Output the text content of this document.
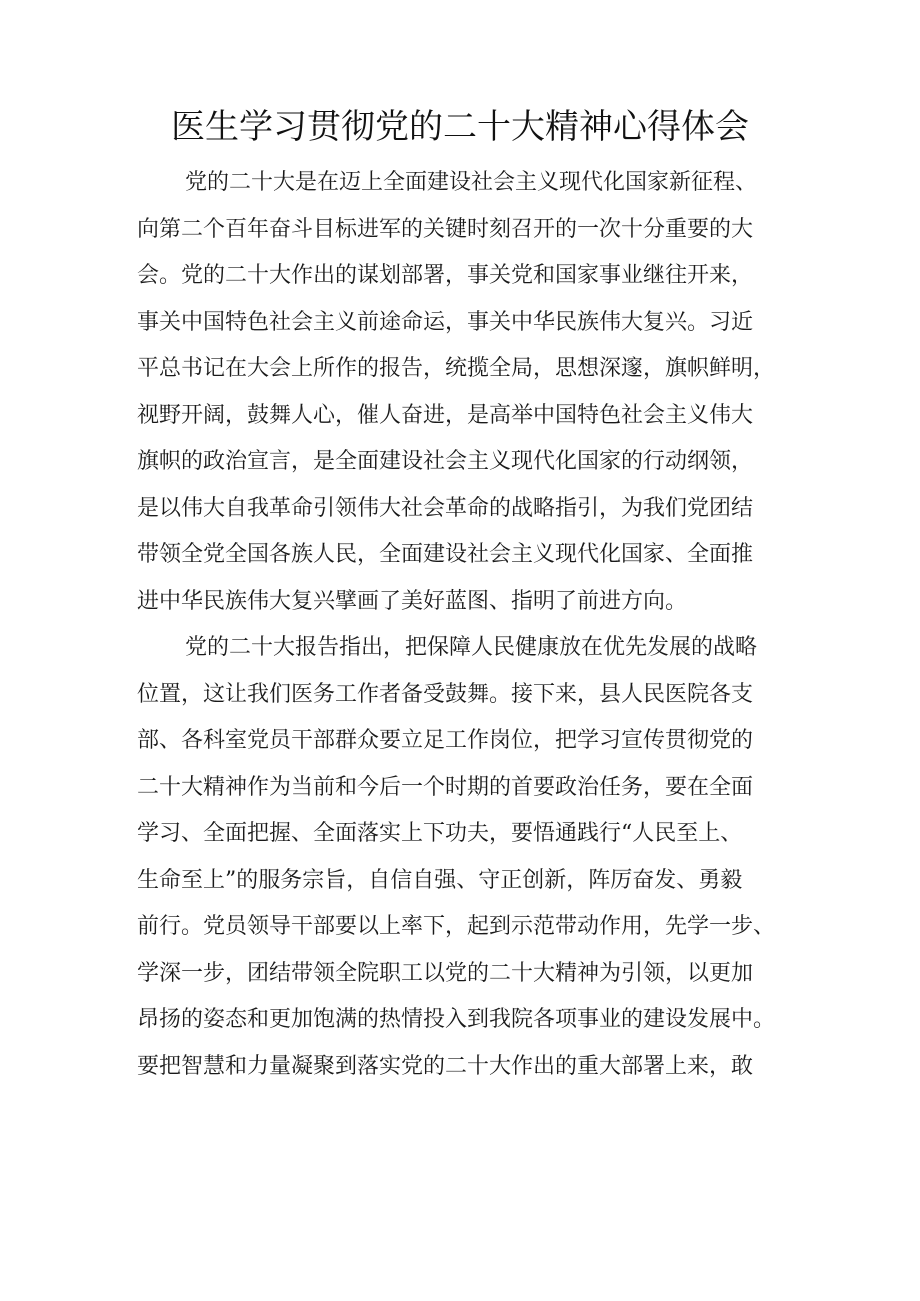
医生学习贯彻党的二十大精神心得体会
党的二十大是在迈上全面建设社会主义现代化国家新征程、
向第二个百年奋斗目标进军的关键时刻召开的一次十分重要的大
会。党的二十大作出的谋划部署，事关党和国家事业继往开来，
事关中国特色社会主义前途命运，事关中华民族伟大复兴。习近
平总书记在大会上所作的报告，统揽全局，思想深邃，旗帜鲜明，
视野开阔，鼓舞人心，催人奋进，是高举中国特色社会主义伟大
旗帜的政治宣言，是全面建设社会主义现代化国家的行动纲领，
是以伟大自我革命引领伟大社会革命的战略指引，为我们党团结
带领全党全国各族人民，全面建设社会主义现代化国家、全面推
进中华民族伟大复兴擘画了美好蓝图、指明了前进方向。
党的二十大报告指出，把保障人民健康放在优先发展的战略
位置，这让我们医务工作者备受鼓舞。接下来，县人民医院各支
部、各科室党员干部群众要立足工作岗位，把学习宣传贯彻党的
二十大精神作为当前和今后一个时期的首要政治任务，要在全面
学习、全面把握、全面落实上下功夫，要悟通践行“人民至上、
生命至上”的服务宗旨，自信自强、守正创新，阵厉奋发、勇毅
前行。党员领导干部要以上率下，起到示范带动作用，先学一步、
学深一步，团结带领全院职工以党的二十大精神为引领，以更加
昂扬的姿态和更加饱满的热情投入到我院各项事业的建设发展中。
要把智慧和力量凝聚到落实党的二十大作出的重大部署上来，敢
